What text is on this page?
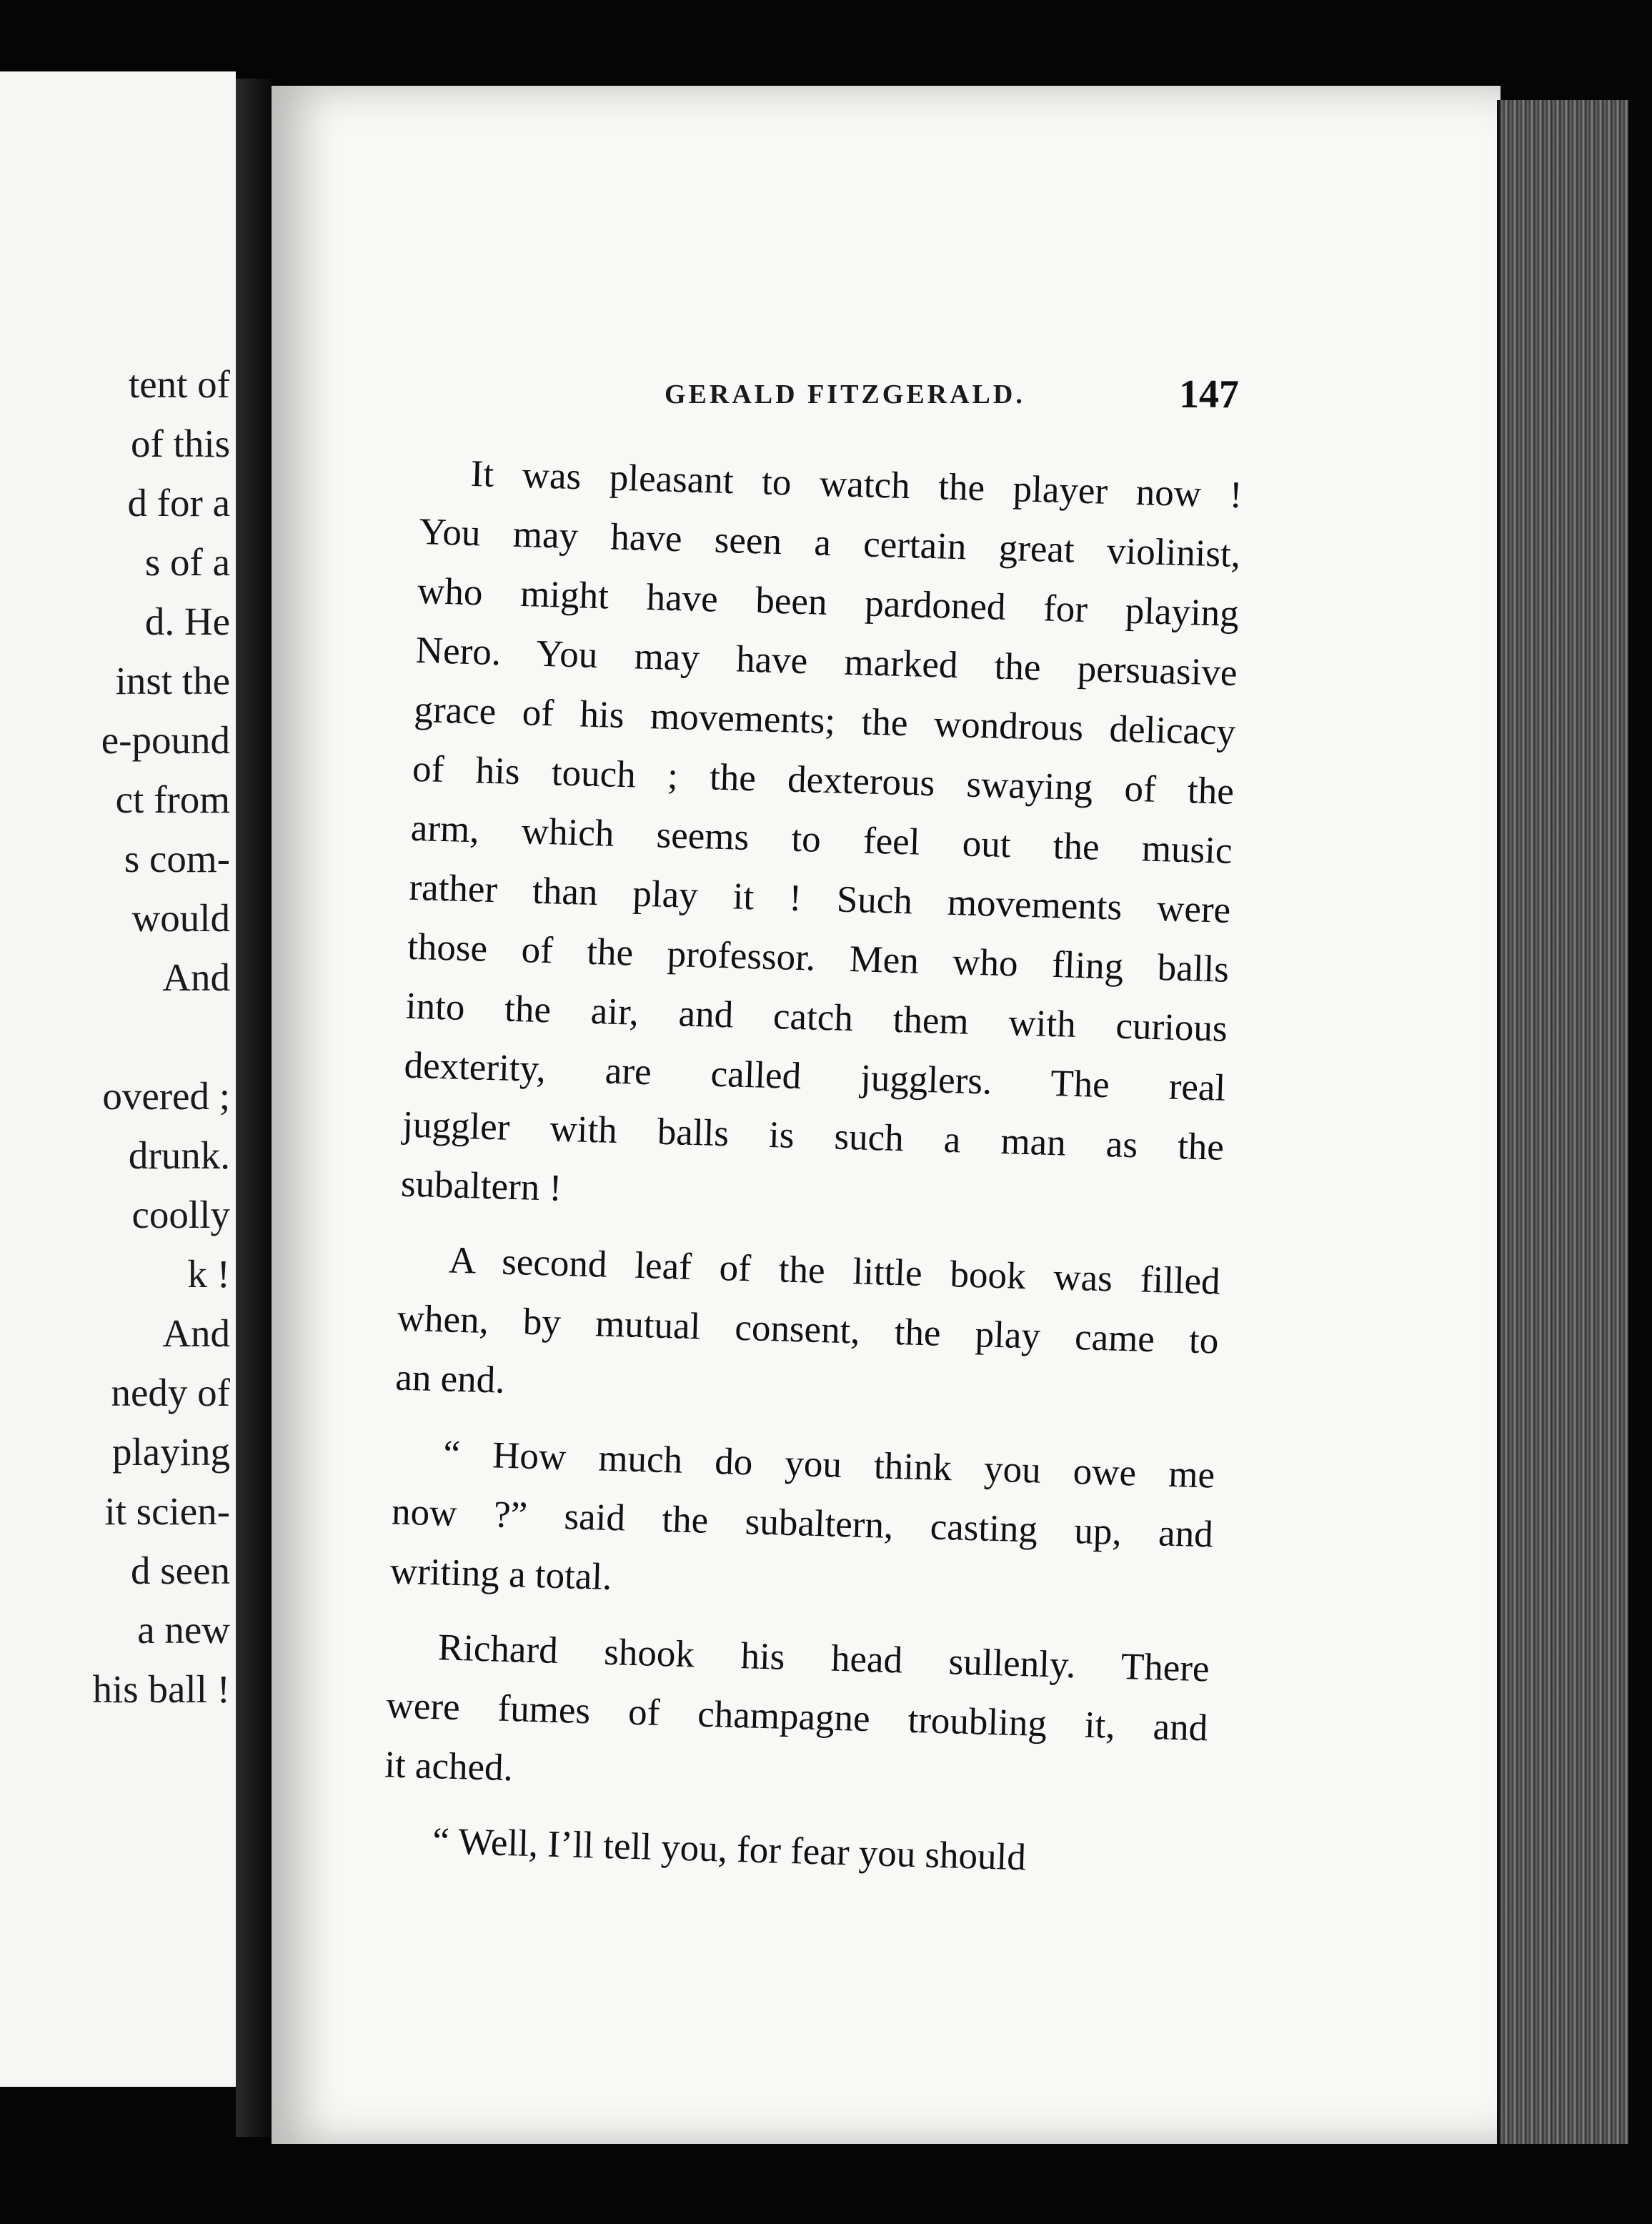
tent of
of this
d for a
s of a
d. He
inst the
e-pound
ct from
s com-
would
And
overed ;
drunk.
coolly
k !
And
nedy of
playing
it scien-
d seen
a new
his ball !
GERALD FITZGERALD.	147
It was pleasant to watch the player now !
You may have seen a certain great violinist,
who might have been pardoned for playing
Nero. You may have marked the persuasive
grace of his movements; the wondrous delicacy
of his touch ; the dexterous swaying of the
arm, which seems to feel out the music
rather than play it ! Such movements were
those of the professor. Men who fling balls
into the air, and catch them with curious
dexterity, are called jugglers. The real
juggler with balls is such a man as the
subaltern !
A second leaf of the little book was filled
when, by mutual consent, the play came to
an end.
“ How much do you think you owe me
now ?” said the subaltern, casting up, and
writing a total.
Richard shook his head sullenly. There
were fumes of champagne troubling it, and
it ached.
“ Well, I’ll tell you, for fear you should
